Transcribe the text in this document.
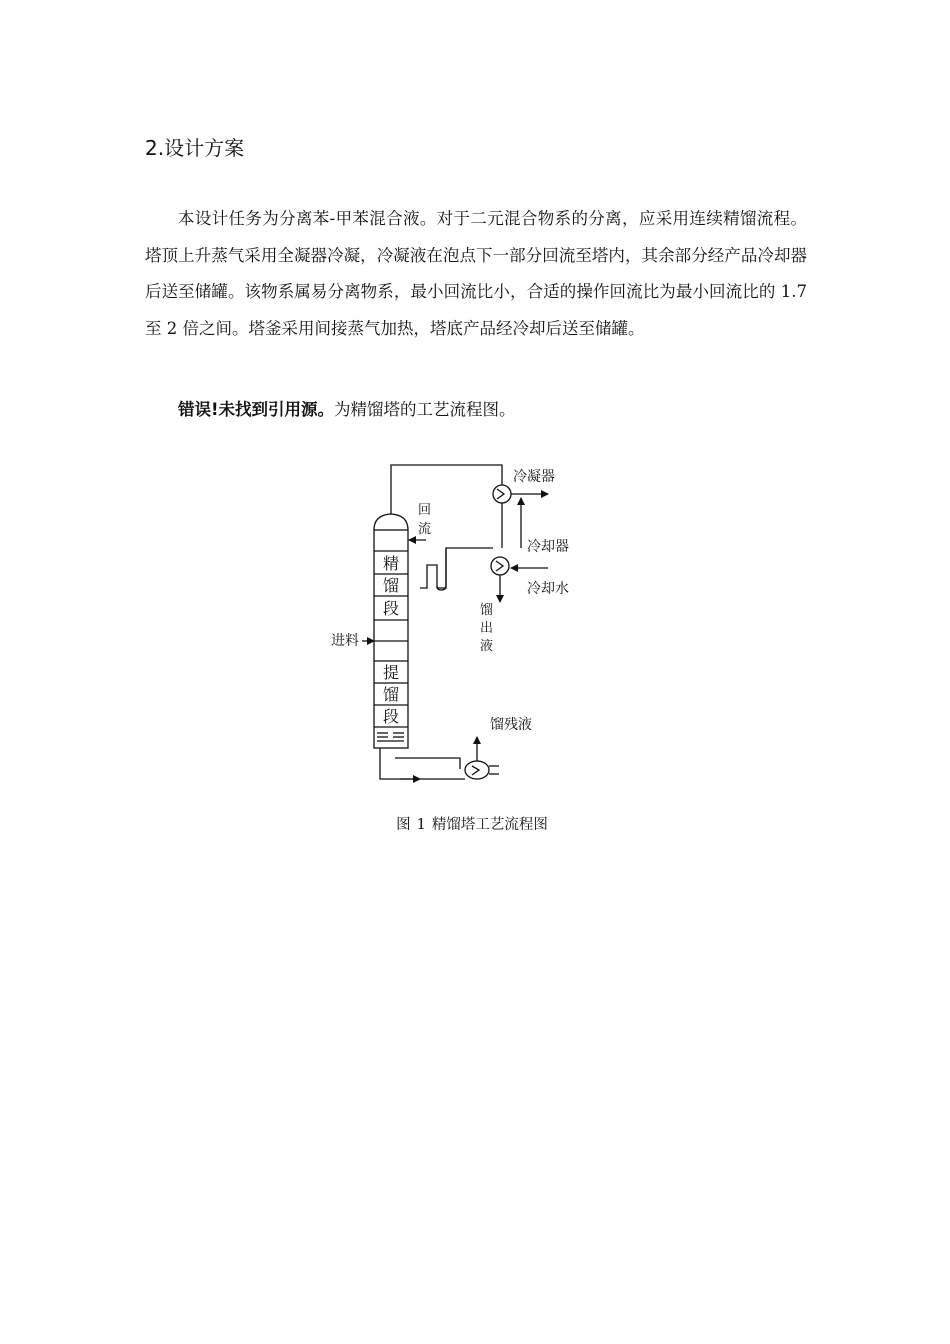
2.设计方案
本设计任务为分离苯-甲苯混合液。对于二元混合物系的分离，应采用连续精馏流程。塔顶上升蒸气采用全凝器冷凝，冷凝液在泡点下一部分回流至塔内，其余部分经产品冷却器后送至储罐。该物系属易分离物系，最小回流比小，合适的操作回流比为最小回流比的 1.7 至 2 倍之间。塔釜采用间接蒸气加热，塔底产品经冷却后送至储罐。
错误!未找到引用源。为精馏塔的工艺流程图。
冷凝器
冷却器
冷却水
回
流
馏
出
液
进料
精
馏
段
提
馏
段	馏残液
图 1 精馏塔工艺流程图
